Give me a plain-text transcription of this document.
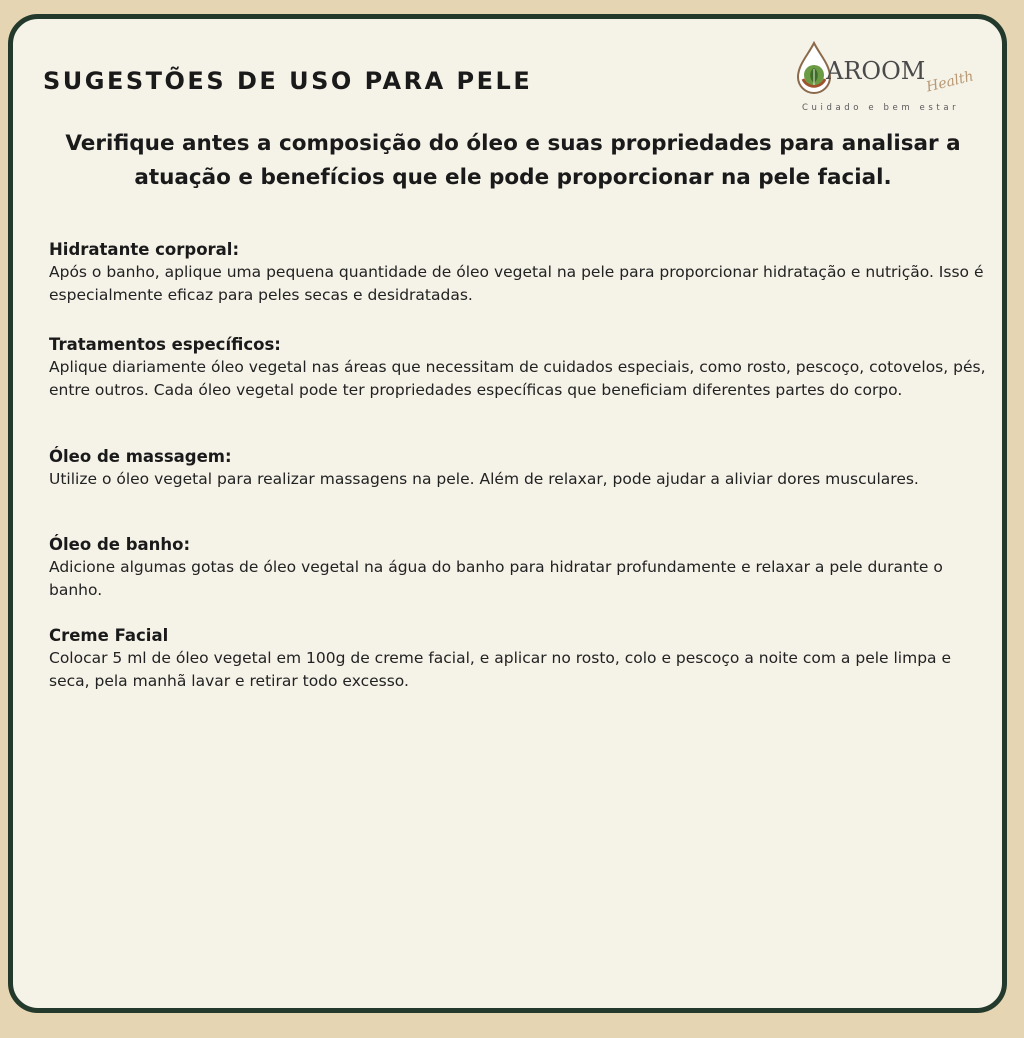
SUGESTÕES DE USO PARA PELE	AROOM Health
Cuidado e bem estar

Verifique antes a composição do óleo e suas propriedades para analisar a atuação e benefícios que ele pode proporcionar na pele facial.

Hidratante corporal:

Após o banho, aplique uma pequena quantidade de óleo vegetal na pele para proporcionar hidratação e nutrição. Isso é especialmente eficaz para peles secas e desidratadas.

Tratamentos específicos:

Aplique diariamente óleo vegetal nas áreas que necessitam de cuidados especiais, como rosto, pescoço, cotovelos, pés, entre outros. Cada óleo vegetal pode ter propriedades específicas que beneficiam diferentes partes do corpo.

Óleo de massagem:

Utilize o óleo vegetal para realizar massagens na pele. Além de relaxar, pode ajudar a aliviar dores musculares.

Óleo de banho:

Adicione algumas gotas de óleo vegetal na água do banho para hidratar profundamente e relaxar a pele durante o banho.

Creme Facial

Colocar 5 ml de óleo vegetal em 100g de creme facial, e aplicar no rosto, colo e pescoço a noite com a pele limpa e seca, pela manhã lavar e retirar todo excesso.
